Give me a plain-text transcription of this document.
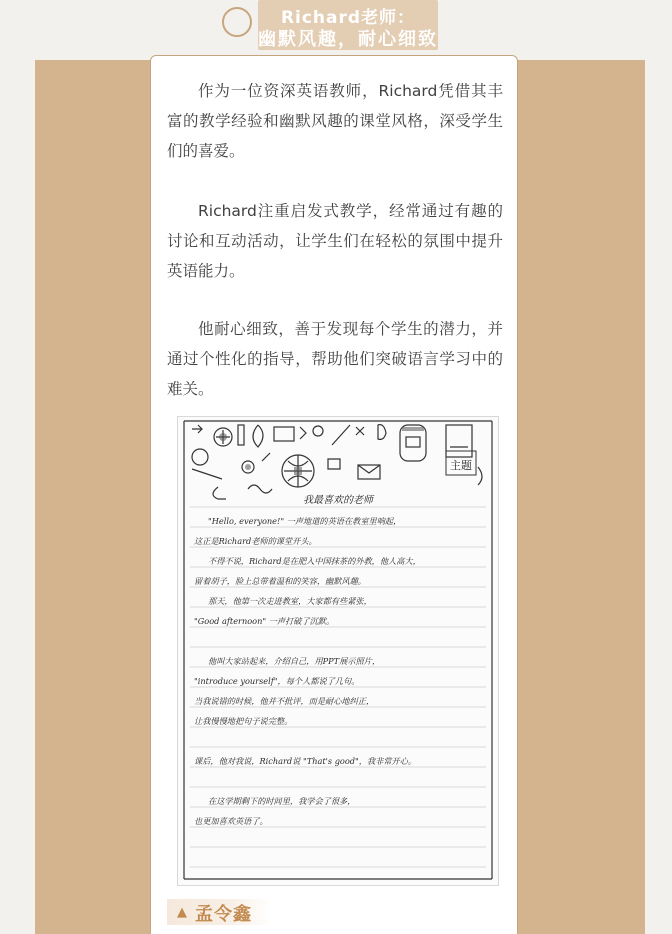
Richard老师：
幽默风趣，耐心细致

作为一位资深英语教师，Richard凭借其丰富的教学经验和幽默风趣的课堂风格，深受学生们的喜爱。

Richard注重启发式教学，经常通过有趣的讨论和互动活动，让学生们在轻松的氛围中提升英语能力。

他耐心细致，善于发现每个学生的潜力，并通过个性化的指导，帮助他们突破语言学习中的难关。

主题
我最喜欢的老师
"Hello, everyone!" 一声地道的英语在教室里响起，
这正是Richard老师的课堂开头。
不得不说，Richard是在肥入中国抹茶的外教，他人高大，
留着胡子，脸上总带着温和的笑容，幽默风趣。
那天，他第一次走进教室，大家都有些紧张，
"Good afternoon" 一声打破了沉默。
他叫大家站起来，介绍自己，用PPT展示照片，
"introduce yourself"，每个人都说了几句。
当我说错的时候，他并不批评，而是耐心地纠正，
让我慢慢地把句子说完整。
课后，他对我说，Richard说 "That's good"，我非常开心。
在这学期剩下的时间里，我学会了很多，
也更加喜欢英语了。
▲ 孟令鑫
